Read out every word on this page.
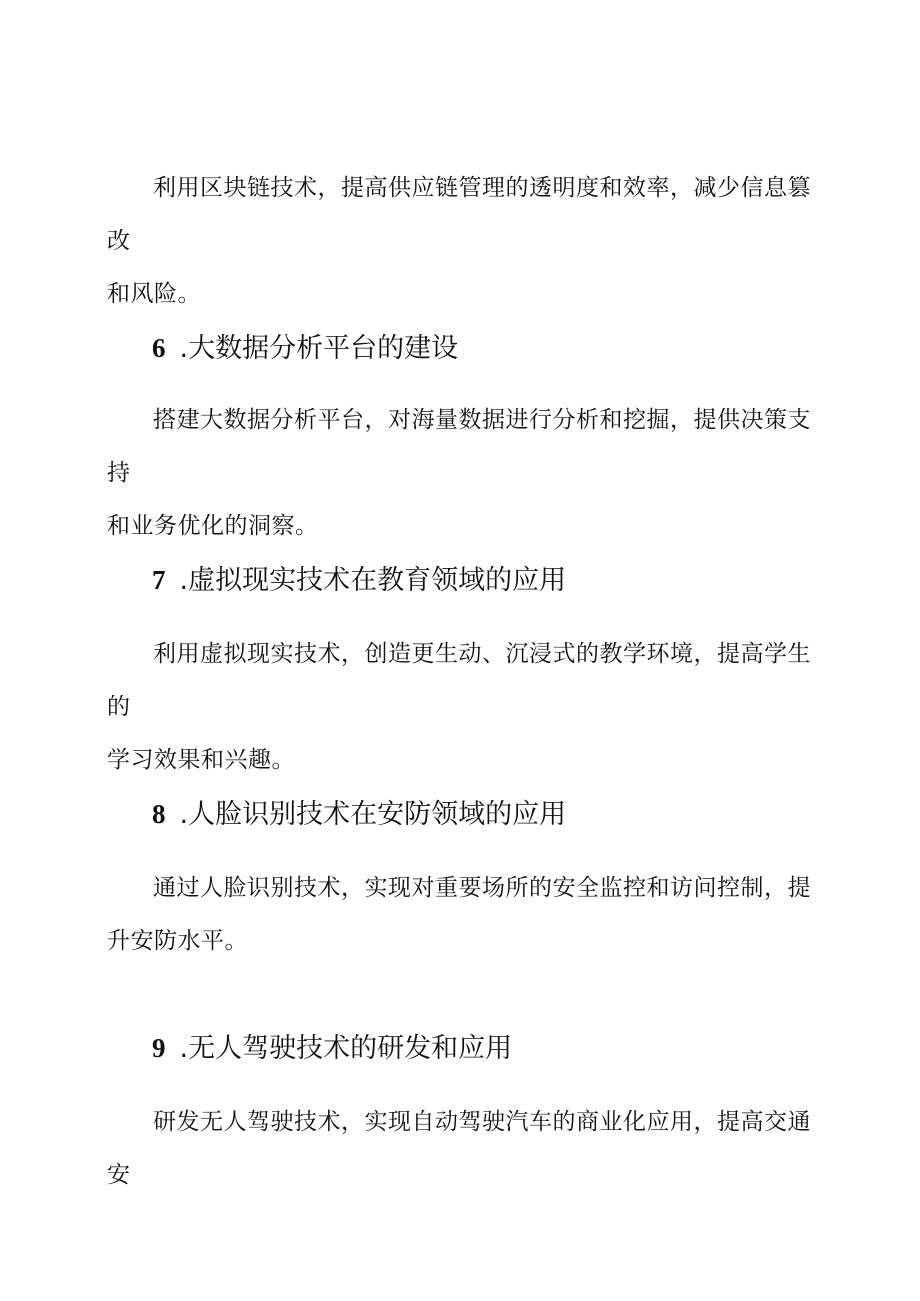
利用区块链技术，提高供应链管理的透明度和效率，减少信息篡改
和风险。

6 .大数据分析平台的建设

搭建大数据分析平台，对海量数据进行分析和挖掘，提供决策支持
和业务优化的洞察。

7 .虚拟现实技术在教育领域的应用

利用虚拟现实技术，创造更生动、沉浸式的教学环境，提高学生的
学习效果和兴趣。

8 .人脸识别技术在安防领域的应用

通过人脸识别技术，实现对重要场所的安全监控和访问控制，提
升安防水平。

9 .无人驾驶技术的研发和应用

研发无人驾驶技术，实现自动驾驶汽车的商业化应用，提高交通安
